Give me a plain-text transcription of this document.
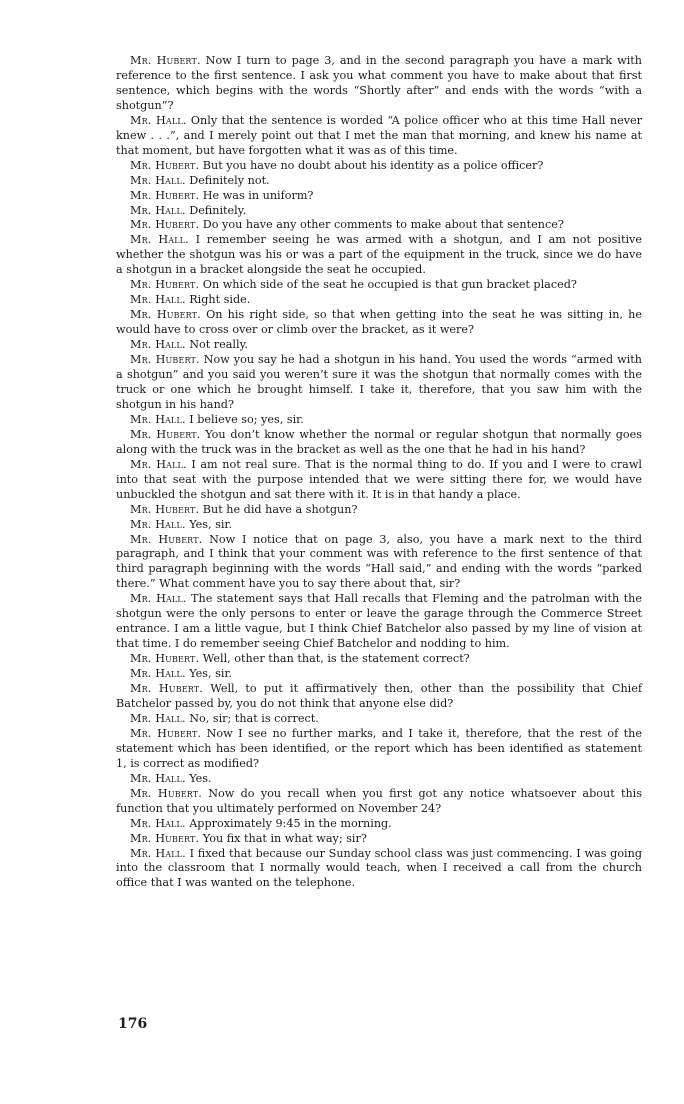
Mr. Hubert. Now I turn to page 3, and in the second paragraph you have a mark with reference to the first sentence. I ask you what comment you have to make about that first sentence, which begins with the words “Shortly after” and ends with the words “with a shotgun”?

Mr. Hall. Only that the sentence is worded “A police officer who at this time Hall never knew . . .”, and I merely point out that I met the man that morning, and knew his name at that moment, but have forgotten what it was as of this time.

Mr. Hubert. But you have no doubt about his identity as a police officer?

Mr. Hall. Definitely not.

Mr. Hubert. He was in uniform?

Mr. Hall. Definitely.

Mr. Hubert. Do you have any other comments to make about that sentence?

Mr. Hall. I remember seeing he was armed with a shotgun, and I am not positive whether the shotgun was his or was a part of the equipment in the truck, since we do have a shotgun in a bracket alongside the seat he occupied.

Mr. Hubert. On which side of the seat he occupied is that gun bracket placed?

Mr. Hall. Right side.

Mr. Hubert. On his right side, so that when getting into the seat he was sitting in, he would have to cross over or climb over the bracket, as it were?

Mr. Hall. Not really.

Mr. Hubert. Now you say he had a shotgun in his hand. You used the words “armed with a shotgun” and you said you weren’t sure it was the shotgun that normally comes with the truck or one which he brought himself. I take it, therefore, that you saw him with the shotgun in his hand?

Mr. Hall. I believe so; yes, sir.

Mr. Hubert. You don’t know whether the normal or regular shotgun that normally goes along with the truck was in the bracket as well as the one that he had in his hand?

Mr. Hall. I am not real sure. That is the normal thing to do. If you and I were to crawl into that seat with the purpose intended that we were sitting there for, we would have unbuckled the shotgun and sat there with it. It is in that handy a place.

Mr. Hubert. But he did have a shotgun?

Mr. Hall. Yes, sir.

Mr. Hubert. Now I notice that on page 3, also, you have a mark next to the third paragraph, and I think that your comment was with reference to the first sentence of that third paragraph beginning with the words “Hall said,” and ending with the words “parked there.” What comment have you to say there about that, sir?

Mr. Hall. The statement says that Hall recalls that Fleming and the patrolman with the shotgun were the only persons to enter or leave the garage through the Commerce Street entrance. I am a little vague, but I think Chief Batchelor also passed by my line of vision at that time. I do remember seeing Chief Batchelor and nodding to him.

Mr. Hubert. Well, other than that, is the statement correct?

Mr. Hall. Yes, sir.

Mr. Hubert. Well, to put it affirmatively then, other than the possibility that Chief Batchelor passed by, you do not think that anyone else did?

Mr. Hall. No, sir; that is correct.

Mr. Hubert. Now I see no further marks, and I take it, therefore, that the rest of the statement which has been identified, or the report which has been identified as statement 1, is correct as modified?

Mr. Hall. Yes.

Mr. Hubert. Now do you recall when you first got any notice whatsoever about this function that you ultimately performed on November 24?

Mr. Hall. Approximately 9:45 in the morning.

Mr. Hubert. You fix that in what way; sir?

Mr. Hall. I fixed that because our Sunday school class was just commencing. I was going into the classroom that I normally would teach, when I received a call from the church office that I was wanted on the telephone.

176
